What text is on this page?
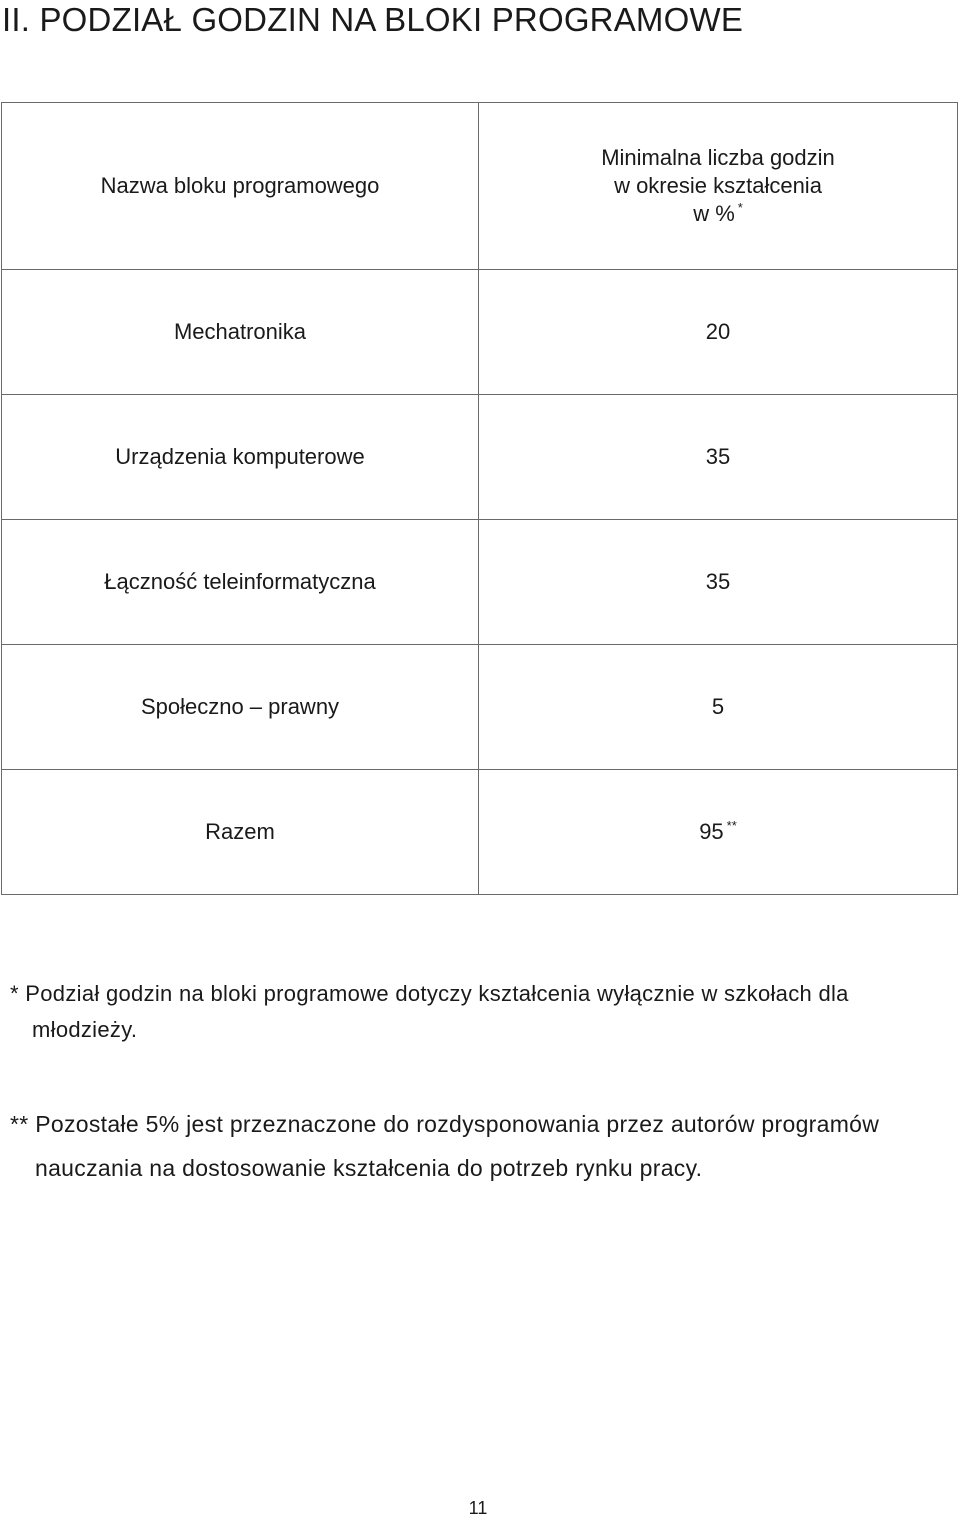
II. PODZIAŁ GODZIN NA BLOKI PROGRAMOWE
Nazwa bloku programowego	Minimalna liczba godzin
w okresie kształcenia
w % *

Mechatronika	20
Urządzenia komputerowe	35
Łączność teleinformatyczna	35
Społeczno – prawny	5
Razem	95 **

* Podział godzin na bloki programowe dotyczy kształcenia wyłącznie w szkołach dla
młodzieży.

** Pozostałe 5% jest przeznaczone do rozdysponowania przez autorów programów
nauczania na dostosowanie kształcenia do potrzeb rynku pracy.

11
